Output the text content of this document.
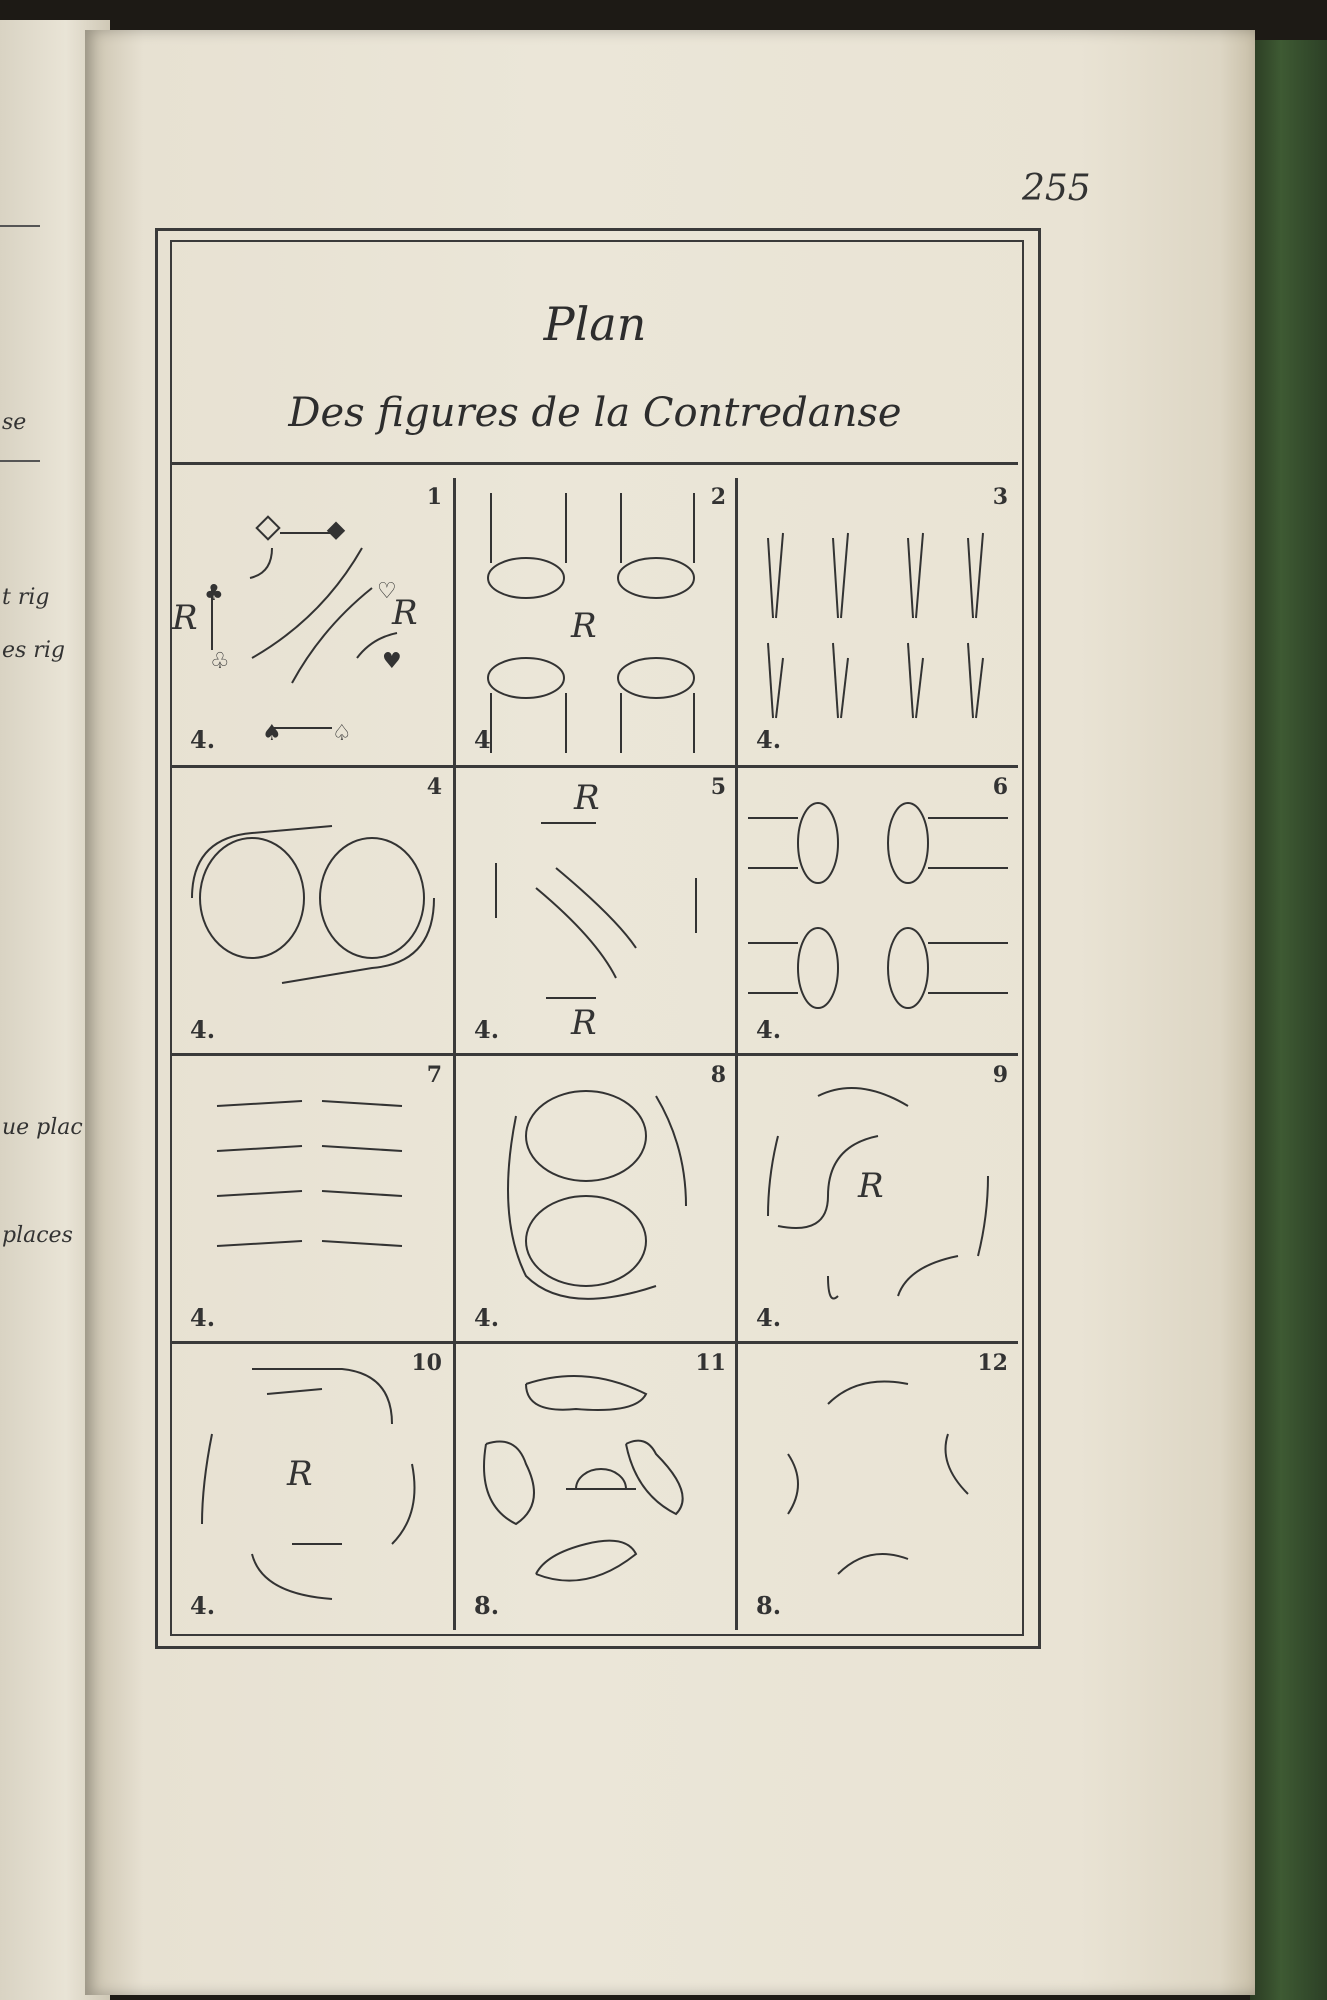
se
t rig
es rig
ue plac
places
255
Plan
Des figures de la Contredanse
♣	♡
♧	♥
♠ ♤
R	R
1
4.
R
2
4
3
4.
4
4.
R
R
5
4.
6
4.
7
4.
8
4.
R
9
4.
R
10
4.
11
8.
12
8.
